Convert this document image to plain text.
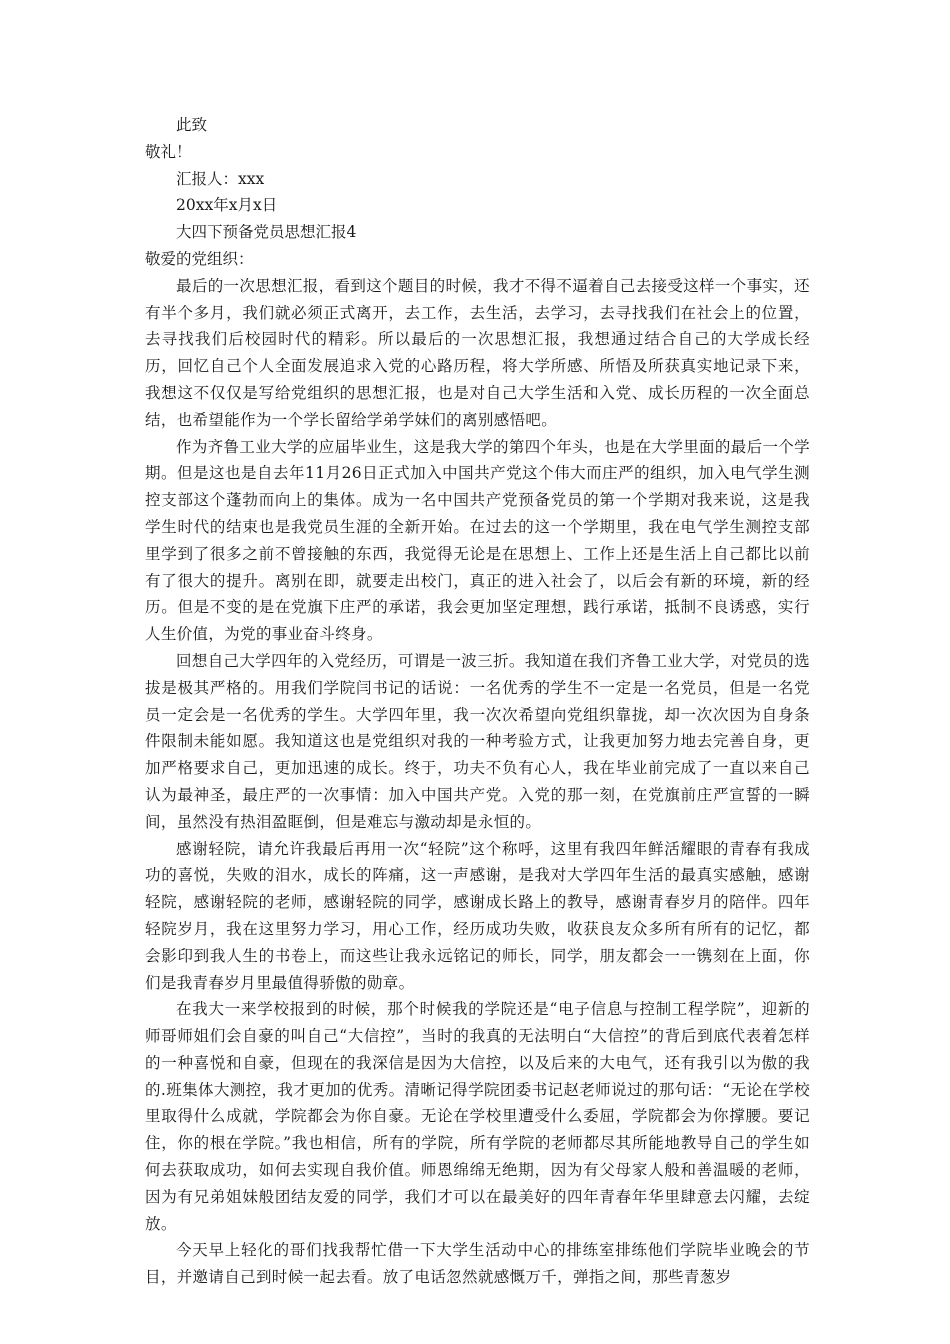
此致

敬礼！

汇报人：xxx

20xx年x月x日

大四下预备党员思想汇报4

敬爱的党组织：

最后的一次思想汇报，看到这个题目的时候，我才不得不逼着自己去接受这样一个事实，还有半个多月，我们就必须正式离开，去工作，去生活，去学习，去寻找我们在社会上的位置，去寻找我们后校园时代的精彩。所以最后的一次思想汇报，我想通过结合自己的大学成长经历，回忆自己个人全面发展追求入党的心路历程，将大学所感、所悟及所获真实地记录下来，我想这不仅仅是写给党组织的思想汇报，也是对自己大学生活和入党、成长历程的一次全面总结，也希望能作为一个学长留给学弟学妹们的离别感悟吧。

作为齐鲁工业大学的应届毕业生，这是我大学的第四个年头，也是在大学里面的最后一个学期。但是这也是自去年11月26日正式加入中国共产党这个伟大而庄严的组织，加入电气学生测控支部这个蓬勃而向上的集体。成为一名中国共产党预备党员的第一个学期对我来说，这是我学生时代的结束也是我党员生涯的全新开始。在过去的这一个学期里，我在电气学生测控支部里学到了很多之前不曾接触的东西，我觉得无论是在思想上、工作上还是生活上自己都比以前有了很大的提升。离别在即，就要走出校门，真正的进入社会了，以后会有新的环境，新的经历。但是不变的是在党旗下庄严的承诺，我会更加坚定理想，践行承诺，抵制不良诱惑，实行人生价值，为党的事业奋斗终身。

回想自己大学四年的入党经历，可谓是一波三折。我知道在我们齐鲁工业大学，对党员的选拔是极其严格的。用我们学院闫书记的话说：一名优秀的学生不一定是一名党员，但是一名党员一定会是一名优秀的学生。大学四年里，我一次次希望向党组织靠拢，却一次次因为自身条件限制未能如愿。我知道这也是党组织对我的一种考验方式，让我更加努力地去完善自身，更加严格要求自己，更加迅速的成长。终于，功夫不负有心人，我在毕业前完成了一直以来自己认为最神圣，最庄严的一次事情：加入中国共产党。入党的那一刻，在党旗前庄严宣誓的一瞬间，虽然没有热泪盈眶倒，但是难忘与激动却是永恒的。

感谢轻院，请允许我最后再用一次“轻院”这个称呼，这里有我四年鲜活耀眼的青春有我成功的喜悦，失败的泪水，成长的阵痛，这一声感谢，是我对大学四年生活的最真实感触，感谢轻院，感谢轻院的老师，感谢轻院的同学，感谢成长路上的教导，感谢青春岁月的陪伴。四年轻院岁月，我在这里努力学习，用心工作，经历成功失败，收获良友众多所有所有的记忆，都会影印到我人生的书卷上，而这些让我永远铭记的师长，同学，朋友都会一一镌刻在上面，你们是我青春岁月里最值得骄傲的勋章。

在我大一来学校报到的时候，那个时候我的学院还是“电子信息与控制工程学院”，迎新的师哥师姐们会自豪的叫自己“大信控”，当时的我真的无法明白“大信控”的背后到底代表着怎样的一种喜悦和自豪，但现在的我深信是因为大信控，以及后来的大电气，还有我引以为傲的我的.班集体大测控，我才更加的优秀。清晰记得学院团委书记赵老师说过的那句话：“无论在学校里取得什么成就，学院都会为你自豪。无论在学校里遭受什么委屈，学院都会为你撑腰。要记住，你的根在学院。”我也相信，所有的学院，所有学院的老师都尽其所能地教导自己的学生如何去获取成功，如何去实现自我价值。师恩绵绵无绝期，因为有父母家人般和善温暖的老师，因为有兄弟姐妹般团结友爱的同学，我们才可以在最美好的四年青春年华里肆意去闪耀，去绽放。

今天早上轻化的哥们找我帮忙借一下大学生活动中心的排练室排练他们学院毕业晚会的节目，并邀请自己到时候一起去看。放了电话忽然就感慨万千，弹指之间，那些青葱岁
